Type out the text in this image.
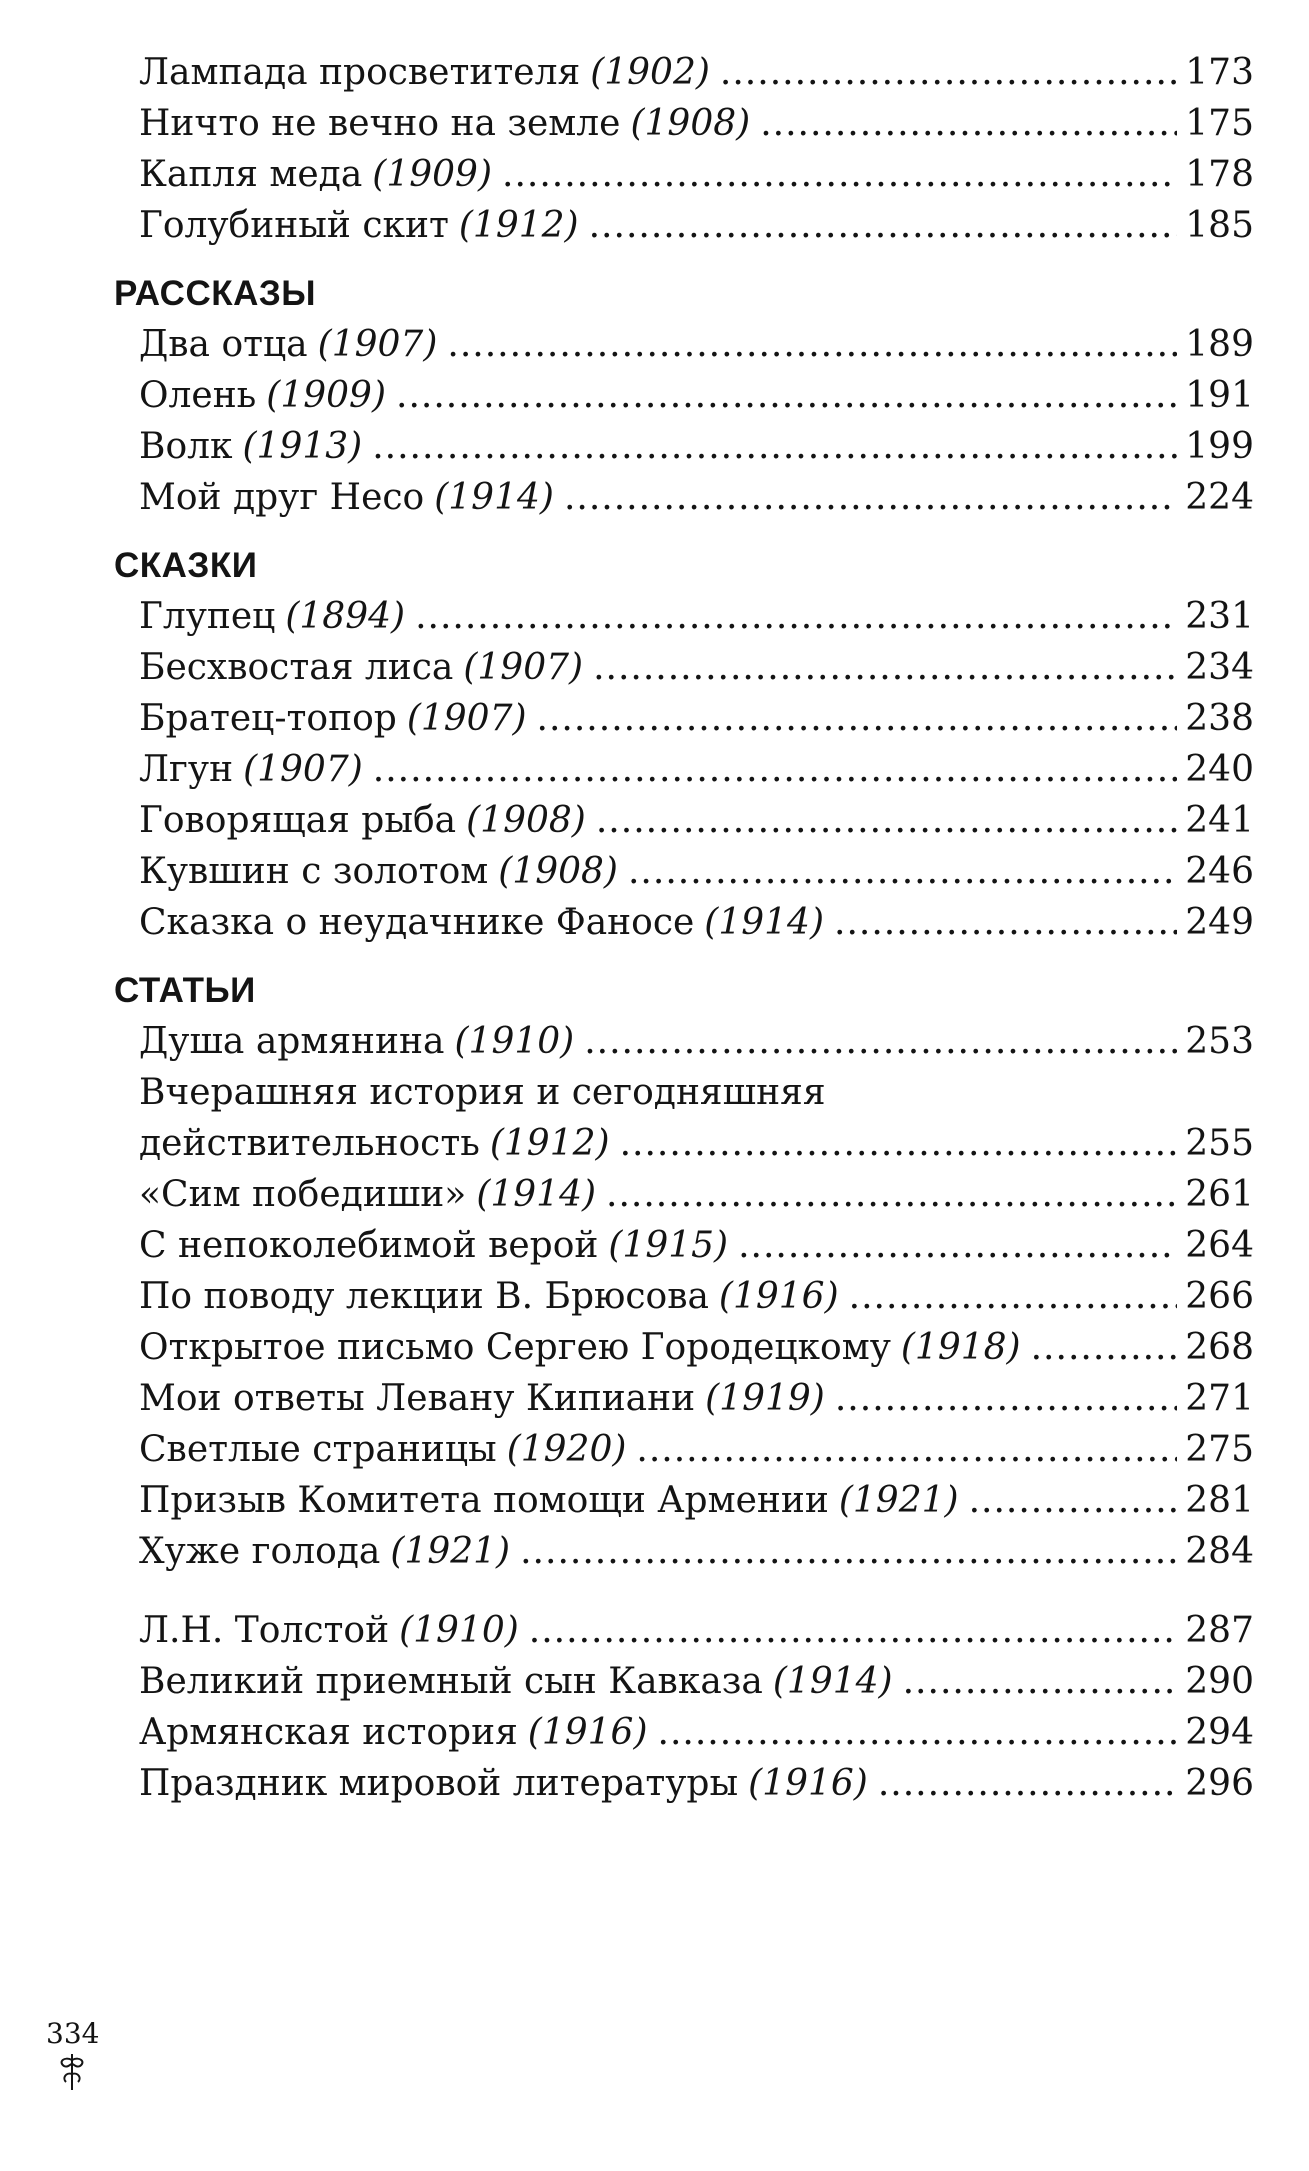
Лампада просветителя (1902) .....	173
Ничто не вечно на земле (1908) .....	175
Капля меда (1909) .....	178
Голубиный скит (1912) .....	185
РАССКАЗЫ
Два отца (1907) .....	189
Олень (1909) .....	191
Волк (1913) .....	199
Мой друг Несо (1914) .....	224
СКАЗКИ
Глупец (1894) .....	231
Бесхвостая лиса (1907) .....	234
Братец-топор (1907) .....	238
Лгун (1907) .....	240
Говорящая рыба (1908) .....	241
Кувшин с золотом (1908) .....	246
Сказка о неудачнике Фаносе (1914) .....	249
СТАТЬИ
Душа армянина (1910) .....	253
Вчерашняя история и сегодняшняя
действительность (1912) .....	255
«Сим победиши» (1914) .....	261
С непоколебимой верой (1915) .....	264
По поводу лекции В. Брюсова (1916) .....	266
Открытое письмо Сергею Городецкому (1918) .....	268
Мои ответы Левану Кипиани (1919) .....	271
Светлые страницы (1920) .....	275
Призыв Комитета помощи Армении (1921) .....	281
Хуже голода (1921) .....	284
Л.Н. Толстой (1910) .....	287
Великий приемный сын Кавказа (1914) .....	290
Армянская история (1916) .....	294
Праздник мировой литературы (1916) .....	296
334
